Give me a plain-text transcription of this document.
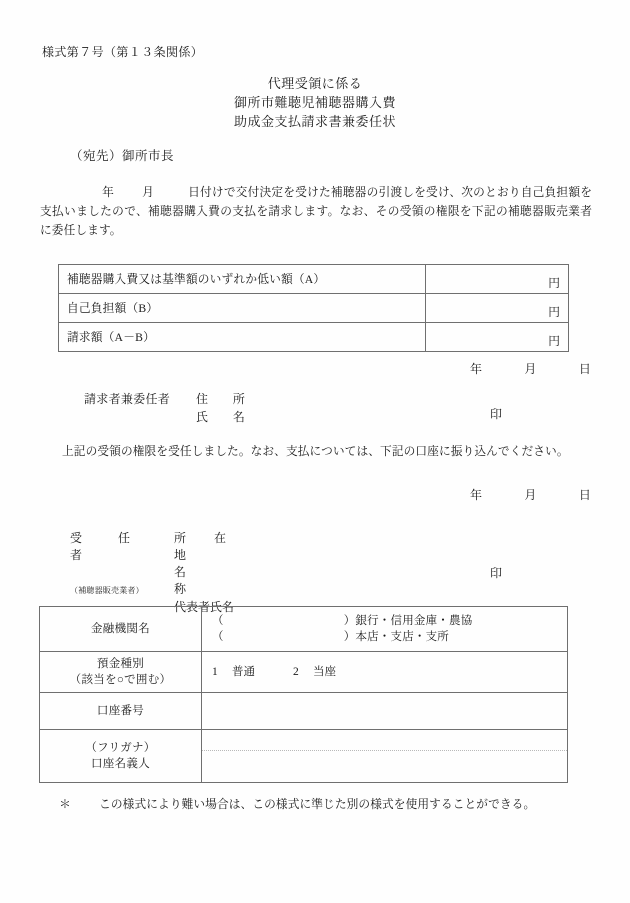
様式第７号（第１３条関係）
代理受領に係る
御所市難聴児補聴器購入費
助成金支払請求書兼委任状
（宛先）御所市長
年 月	日付けで交付決定を受けた補聴器の引渡しを受け、次のとおり自己負担額を支払いましたので、補聴器購入費の支払を請求します。なお、その受領の権限を下記の補聴器販売業者に委任します。
補聴器購入費又は基準額のいずれか低い額（A）	円
自己負担額（B）	円
請求額（A－B）	円
年	月	日
請求者兼委任者 住　　所
氏　　名	印
上記の受領の権限を受任しました。なお、支払については、下記の口座に振り込んでください。
年	月	日
受　任　者所　在　地
（補聴器販売業者）名　　称
代表者氏名
印
金融機関名	（ ）銀行・信用金庫・農協
（ ）本店・支店・支所

預金種別
（該当を○で囲む）	1 普通 2 当座
口座番号	

（フリガナ）
口座名義人	

＊ この様式により難い場合は、この様式に準じた別の様式を使用することができる。
